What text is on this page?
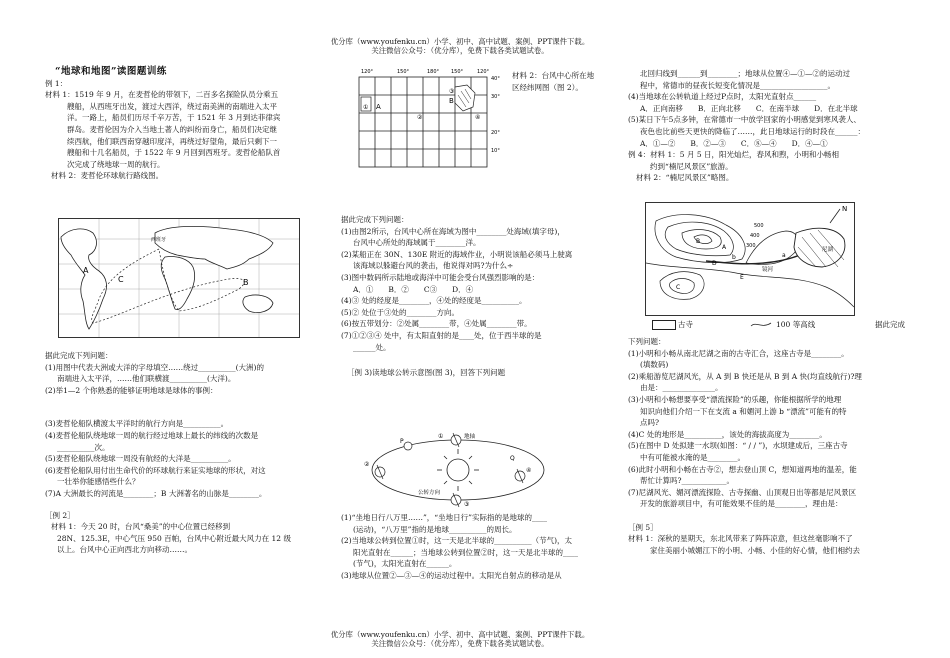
优分库（www.youfenku.cn）小学、初中、高中试题、案例、PPT课件下载。
关注微信公众号：（优分库），免费下载各类试题试卷。

“地球和地图”读图题训练

例 1：

材料 1：1519 年 9 月，在麦哲伦的带领下，二百多名探险队员分乘五

艘船，从西班牙出发，渡过大西洋，绕过南美洲的南端进入太平

洋。一路上，船员们历尽千辛万苦，于 1521 年 3 月到达菲律宾

群岛。麦哲伦因为介入当地土著人的纠纷而身亡，船员们决定继

续西航，他们联西南穿越印度洋，再绕过好望角，最后只剩下一

艘船和十几名船员，于 1522 年 9 月回到西班牙。麦哲伦船队首

次完成了绕地球一周的航行。

材料 2：麦哲伦环球航行路线图。

A
C	B
西班牙

据此完成下列问题：

(1)用图中代表大洲或大洋的字母填空……绕过__________(大洲)的

南端进入太平洋，……他们联横渡__________(大洋)。

(2)举1—2 个你熟悉的能够证明地球是球体的事例：

(3)麦哲伦船队横渡太平洋时的航行方向是__________。

(4)麦哲伦船队绕地球一周的航行经过地球上最长的纬线的次数是

__________次。

(5)麦哲伦船队绕地球一周没有航经的大洋是__________。

(6)麦哲伦船队用付出生命代价的环球航行来证实地球的形状，对这

一壮举你能感悟些什么？

(7)A 大洲最长的河流是________；B 大洲著名的山脉是________。

［例 2］

材料 1：今天 20 时，台风“桑美”的中心位置已经移到

28N、125.3E，中心气压 950 百帕，台风中心附近最大风力在 12 级

以上。台风中心正向西北方向移动……。

120°	150°	180° 150°	120°
40°
30°
20°
10°
① A
②
③
B
④

材料 2：台风中心所在地

区经纬网图（图 2）。

据此完成下列问题：

(1)由图2所示，台风中心所在海域为图中________处海域(填字母)，

台风中心所处的海域属于________洋。

(2)某船正在 30N、130E 附近的海域作业，小明说该船必须马上驶离

该海域以躲避台风的袭击，他说得对吗?为什么÷

(3)图中数码所示陆地或海洋中可能会受台风强烈影响的是：

A．①　　B．②　　C③　　D．④

(4)③ 处的经度是________，④处的经度是__________。

(5)② 处位于③处的________方向。

(6)按五带划分：②处属________带，④处属________带。

(7)①②③④ 处中，有太阳直射的是____处，位于西半球的是

______处。

［例 3)读地球公转示意图(图 3)，回答下列问题

地轴
①
P
②
④
③
Q
公转方向

(1)“坐地日行八万里……”，“坐地日行”实际指的是地球的____

(运动)，“八万里”指的是地球__________的周长。

(2)当地球公转到位置①时，这一天是北半球的__________（节气)，太

阳光直射在______；当地球公转到位置②时，这一天是北半球的____

(节气)，太阳光直射在______。

(3)地球从位置②—③—④的运动过程中。太阳光自射点的移动是从

北回归线到______到________；地球从位置④—①—②的运动过

程中，常德市的昼夜长短变化情况是__________________。

(4)当地球在公转轨道上经过P点时，太阳光直射点______

A．正向南移　　B．正向北移　　C．在南半球　　D．在北半球

(5)某日下午5点多钟，在常德市一中放学回家的小明感觉到寒风袭人、

夜色也比前些天更快的降临了……，此日地球运行的时段在______：

A．①—②　　B．②—③　　C．⑧—④　　D．④—①

例 4：材料 1：5 月 5 日，阳光灿烂，春风和煦，小明和小畅相

约到“楠尼风景区”旅游。

材料 2：“楠尼风景区”略图。

N
500
400
300
A
B
C
D
E
a
b
镜河
尼湖
古寺	100 等高线	据此完成

下列问题：

(1)小明和小畅从南北尼湖之南的古寺汇合，这座古寺是________。

(填数码)

(2)乘船游览尼湖风光，从 A 到 B 快还是从 B 到 A 快(均直线航行)?理

由是：______________。

(3)小明和小畅想要享受“漂流探险”的乐趣，你能根据所学的地理

知识向他们介绍一下在支流 a 和媚河上游 b “漂流”可能有的特

点吗?

(4)C 处的地形是__________，该处的海拔高度为________。

(5)在图中 D 处拟建一水坝(如图：“ / / ”)，水坝建成后，三座古寺

中有可能被水淹的是________。

(6)此时小明和小畅在古寺②，想去登山顶 C，想知道两地的温差，能

帮忙计算吗?____________。

(7)尼湖风光、媚河漂流探险、古寺探幽、山顶观日出等都是尼风景区

开发的旅游项目中，有可能效果不佳的是________，理由是：

［例 5］

材料 1：深秋的星期天，东北风带来了阵阵凉意，但这丝毫影响不了

家住美丽小城媚江下的小明、小畅、小佳的好心情，他们相约去

优分库（www.youfenku.cn）小学、初中、高中试题、案例、PPT课件下载。
关注微信公众号：（优分库），免费下载各类试题试卷。
